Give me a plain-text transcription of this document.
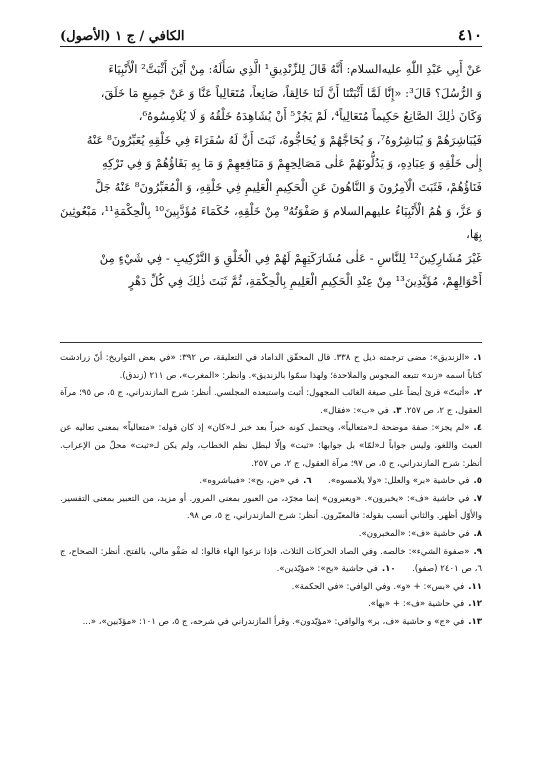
٤١٠
الكافي / ج ١ (الأصول)

عَنْ أَبِي عَبْدِ اللّٰهِ عليه‌السلام: أَنَّهُ قَالَ لِلزِّنْدِيقِ¹ الَّذِي سَأَلَهُ: مِنْ أَيْنَ أَثْبَتَّ² الْأَنْبِيَاءَ

وَ الرُّسُلَ؟ قَالَ³: «إِنَّا لَمَّا أَثْبَتْنَا أَنَّ لَنَا خَالِقاً، صَانِعاً، مُتَعَالِياً عَنَّا وَ عَنْ جَمِيعِ مَا خَلَقَ،

وَكَانَ ذٰلِكَ الصَّانِعُ حَكِيماً مُتَعَالِياً⁴، لَمْ يَجُزْ⁵ أَنْ يُشَاهِدَهُ خَلْقُهُ وَ لَا يُلَامِسُوهُ⁶،

فَيُبَاشِرَهُمْ وَ يُبَاشِرُوهُ⁷، وَ يُحَاجَّهُمْ وَ يُحَاجُّوهُ، ثَبَتَ أَنَّ لَهُ سُفَرَاءَ فِي خَلْقِهِ يُعَبِّرُونَ⁸ عَنْهُ

إِلٰى خَلْقِهِ وَ عِبَادِهِ، وَ يَدُلُّونَهُمْ عَلٰى مَصَالِحِهِمْ وَ مَنَافِعِهِمْ وَ مَا بِهِ بَقَاؤُهُمْ وَ فِي تَرْكِهِ

فَنَاؤُهُمْ، فَثَبَتَ الْآمِرُونَ وَ النَّاهُونَ عَنِ الْحَكِيمِ الْعَلِيمِ فِي خَلْقِهِ، وَ الْمُعَبِّرُونَ⁸ عَنْهُ جَلَّ

وَ عَزَّ، وَ هُمُ الْأَنْبِيَاءُ عليهم‌السلام وَ صَفْوَتُهُ⁹ مِنْ خَلْقِهِ، حُكَمَاءَ مُؤَدَّبِينَ¹⁰ بِالْحِكْمَةِ¹¹، مَبْعُوثِينَ بِهَا،

غَيْرَ مُشَارِكِينَ¹² لِلنَّاسِ - عَلٰى مُشَارَكَتِهِمْ لَهُمْ فِي الْخَلْقِ وَ التَّرْكِيبِ - فِي شَيْءٍ مِنْ

أَحْوَالِهِمْ، مُؤَيَّدِينَ¹³ مِنْ عِنْدِ الْحَكِيمِ الْعَلِيمِ بِالْحِكْمَةِ، ثُمَّ ثَبَتَ ذٰلِكَ فِي كُلِّ دَهْرٍ

١.«الزنديق»: مضى ترجمته ذيل ح ٣٣٨. قال المحقّق الداماد في التعليقة، ص ٣٩٢: «في بعض التواريخ: أنّ زرادشت كتاباً اسمه «زند» تتبعه المجوس والملاحدة؛ ولهذا سمّوا بالزنديق». وانظر: «المغرب»، ص ٢١١ (زندق).

٢.«أثبتّ» قرئ أيضاً على صيغة الغائب المجهول: أثبت واستبعده المجلسي. أنظر: شرح المازندراني، ج ٥، ص ٩٥؛ مرآة العقول، ج ٢، ص ٢٥٧. ٣.في «ب»: «فقال».

٤.«لم يجز»: صفة موضحة لـ«متعالياً»، ويحتمل كونه خبراً بعد خبر لـ«كان» إذ كان قوله: «متعالياً» بمعنى تعاليه عن العبث واللغو، وليس جواباً لـ«لمّا» بل جوابها: «ثبت» وإلّا لبطل نظم الخطاب، ولم يكن لـ«ثبت» محلّ من الإعراب. أنظر: شرح المازندراني، ج ٥، ص ٩٧؛ مرآة العقول، ج ٢، ص ٢٥٧.

٥.في حاشية «بر» والعلل: «ولا يلامسوه».      ٦.في «ض، بح»: «فيباشروه».

٧.في حاشية «ف»: «يخبرون». «ويعبرون» إنما مجرّد، من العبور بمعنى المرور. أو مزيد، من التعبير بمعنى التفسير. والأوّل أظهر. والثاني أنسب بقوله: فالمعبّرون. أنظر: شرح المازندراني، ج ٥، ص ٩٨.

٨.في حاشية «ف»: «المخبرون».

٩.«صفوة الشيء»: خالصه. وفي الصاد الحركات الثلاث، فإذا نزعوا الهاء قالوا: له صَفْو مالي، بالفتح. أنظر: الصحاح، ج ٦، ص ٢٤٠١ (صفو).      ١٠.في حاشية «بح»: «مؤيّدين».

١١.في «بس»: + «و». وفي الوافي: «في الحكمة».

١٢.في حاشية «ف»: + «بها».

١٣.في «ج» و حاشية «ف، بر» والوافي: «مؤيّدون». وقرأ المازندراني في شرحه، ج ٥، ص ١٠١: «مؤدّبين»، «...
